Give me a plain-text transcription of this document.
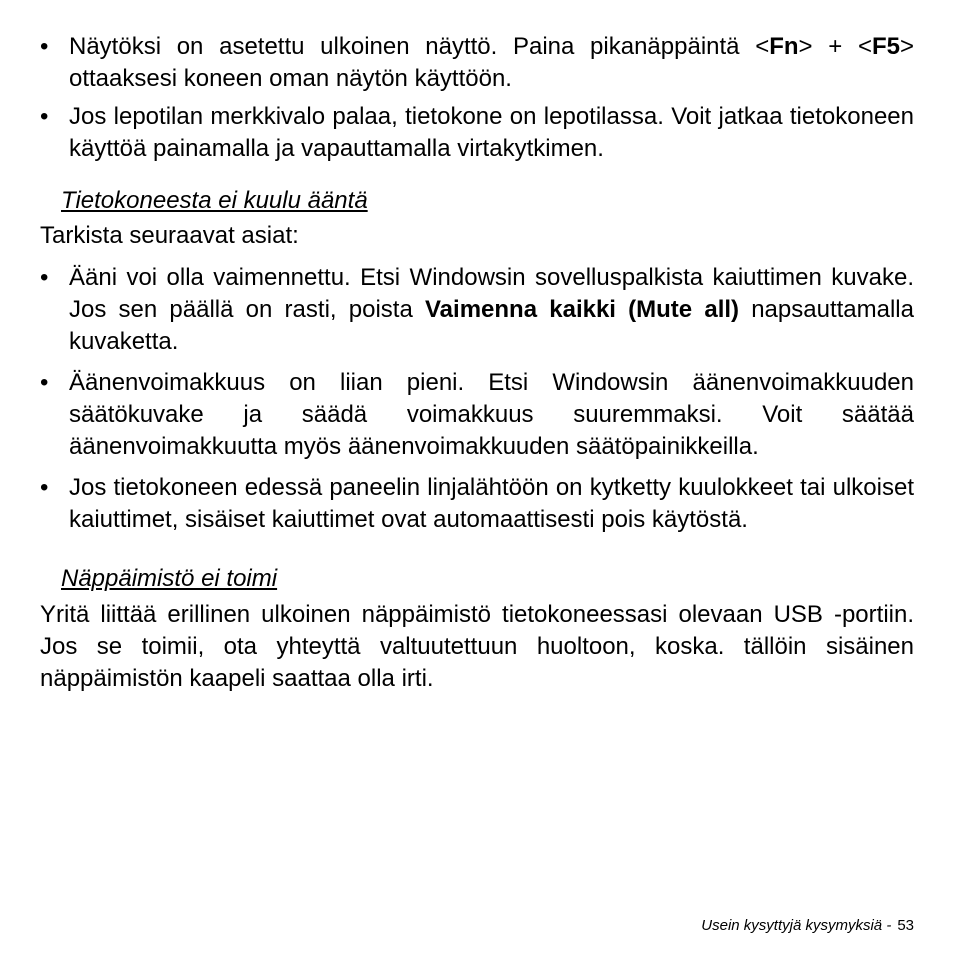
• Näytöksi on asetettu ulkoinen näyttö. Paina pikanäppäintä <Fn> + <F5> ottaaksesi koneen oman näytön käyttöön.
• Jos lepotilan merkkivalo palaa, tietokone on lepotilassa. Voit jatkaa tietokoneen käyttöä painamalla ja vapauttamalla virtakytkimen.

Tietokoneesta ei kuulu ääntä

Tarkista seuraavat asiat:

• Ääni voi olla vaimennettu. Etsi Windowsin sovelluspalkista kaiuttimen kuvake. Jos sen päällä on rasti, poista Vaimenna kaikki (Mute all) napsauttamalla kuvaketta.
• Äänenvoimakkuus on liian pieni. Etsi Windowsin äänenvoimakkuuden säätökuvake ja säädä voimakkuus suuremmaksi. Voit säätää äänenvoimakkuutta myös äänenvoimakkuuden säätöpainikkeilla.
• Jos tietokoneen edessä paneelin linjalähtöön on kytketty kuulokkeet tai ulkoiset kaiuttimet, sisäiset kaiuttimet ovat automaattisesti pois käytöstä.

Näppäimistö ei toimi

Yritä liittää erillinen ulkoinen näppäimistö tietokoneessasi olevaan USB -portiin. Jos se toimii, ota yhteyttä valtuutettuun huoltoon, koska. tällöin sisäinen näppäimistön kaapeli saattaa olla irti.

Usein kysyttyjä kysymyksiä - 53
